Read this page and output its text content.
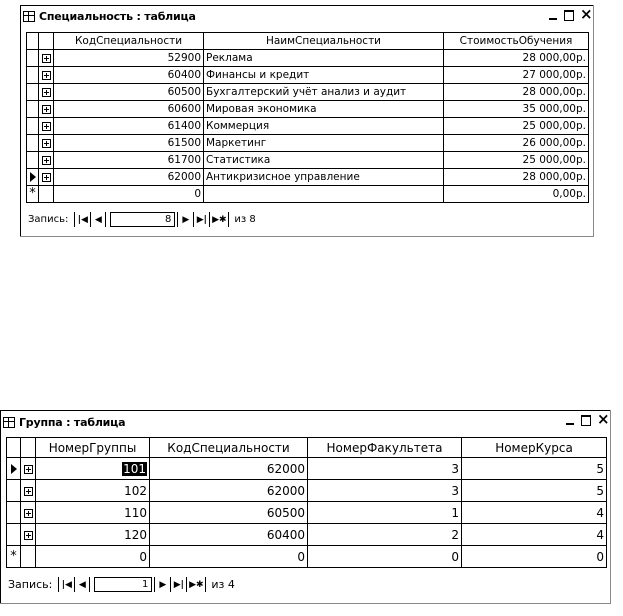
Специальность : таблица
×
		КодСпециальности	НаимСпециальности	СтоимостьОбучения
		52900	Реклама	28 000,00р.
		60400	Финансы и кредит	27 000,00р.
		60500	Бухгалтерский учёт анализ и аудит	28 000,00р.
		60600	Мировая экономика	35 000,00р.
		61400	Коммерция	25 000,00р.
		61500	Маркетинг	26 000,00р.
		61700	Статистика	25 000,00р.
		62000	Антикризисное управление	28 000,00р.
*		0		0,00р.
Запись:	|◀ ◀	8	▶ ▶| ▶✱ из 8
Группа : таблица
×
		НомерГруппы	КодСпециальности	НомерФакультета	НомерКурса
		101	62000	3	5
		102	62000	3	5
		110	60500	1	4
		120	60400	2	4
*		0	0	0	0
Запись:	|◀ ◀	1	▶ ▶| ▶✱ из 4
